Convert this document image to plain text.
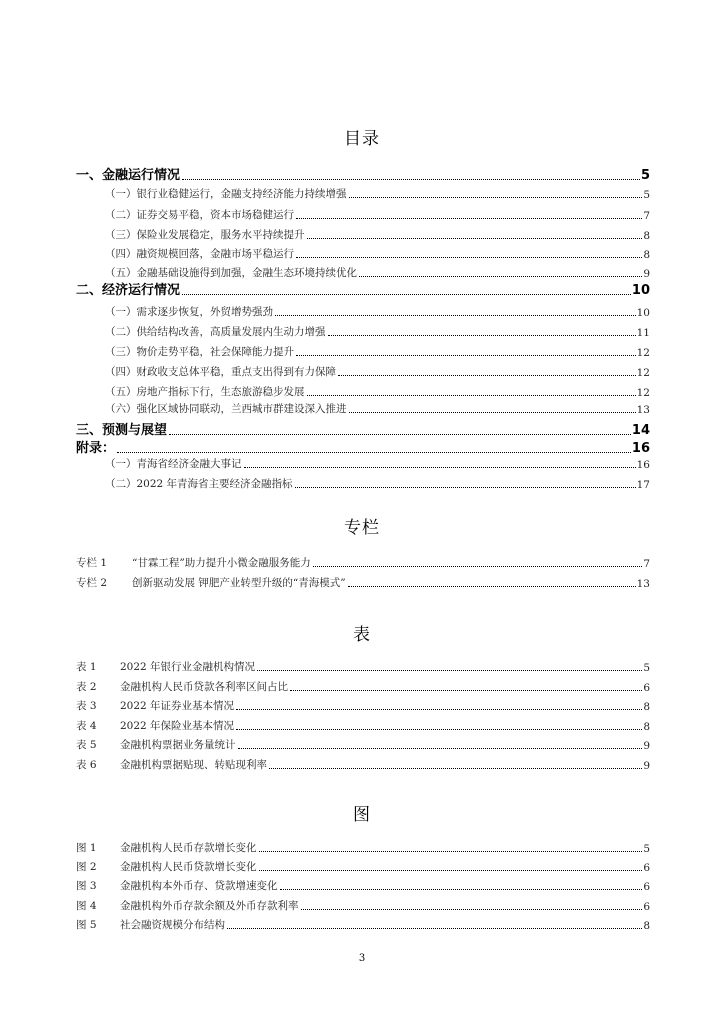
目录
一、金融运行情况	5
（一）银行业稳健运行，金融支持经济能力持续增强	5
（二）证券交易平稳，资本市场稳健运行	7
（三）保险业发展稳定，服务水平持续提升	8
（四）融资规模回落，金融市场平稳运行	8
（五）金融基础设施得到加强，金融生态环境持续优化	9
二、经济运行情况	10
（一）需求逐步恢复，外贸增势强劲	10
（二）供给结构改善，高质量发展内生动力增强	11
（三）物价走势平稳，社会保障能力提升	12
（四）财政收支总体平稳，重点支出得到有力保障	12
（五）房地产指标下行，生态旅游稳步发展	12
（六）强化区域协同联动，兰西城市群建设深入推进	13
三、预测与展望	14
附录：	16
（一）青海省经济金融大事记	16
（二）2022 年青海省主要经济金融指标	17
专栏
专栏 1	“甘霖工程”助力提升小微金融服务能力	7
专栏 2	创新驱动发展 钾肥产业转型升级的“青海模式”	13
表
表 1	2022 年银行业金融机构情况	5
表 2	金融机构人民币贷款各利率区间占比	6
表 3	2022 年证券业基本情况	8
表 4	2022 年保险业基本情况	8
表 5	金融机构票据业务量统计	9
表 6	金融机构票据贴现、转贴现利率	9
图
图 1	金融机构人民币存款增长变化	5
图 2	金融机构人民币贷款增长变化	6
图 3	金融机构本外币存、贷款增速变化	6
图 4	金融机构外币存款余额及外币存款利率	6
图 5	社会融资规模分布结构	8
3
